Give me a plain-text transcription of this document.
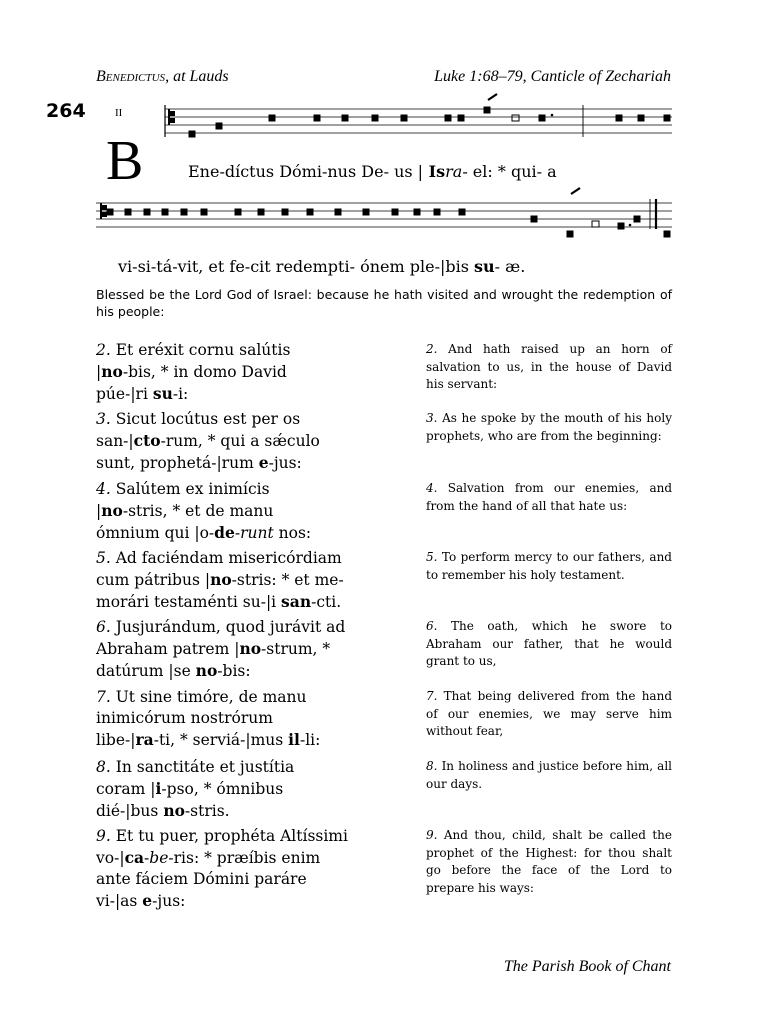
264
Benedictus, at Lauds	Luke 1:68–79, Canticle of Zechariah
II
B	Ene-díctus Dómi-nus De- us | Isra- el: * qui- a
vi-si-tá-vit, et fe-cit redempti- ónem ple-|bis su- æ.
Blessed be the Lord God of Israel: because he hath visited and wrought the redemption of his people:
2. Et eréxit cornu salútis
|no-bis, * in domo David
púe-|ri su-i:
2. And hath raised up an horn of salvation to us, in the house of David his servant:
3. Sicut locútus est per os
san-|cto-rum, * qui a sǽculo
sunt, prophetá-|rum e-jus:
3. As he spoke by the mouth of his holy prophets, who are from the beginning:
4. Salútem ex inimícis
|no-stris, * et de manu
ómnium qui |o-de-runt nos:
4. Salvation from our enemies, and from the hand of all that hate us:
5. Ad faciéndam misericórdiam
cum pátribus |no-stris: * et me-
morári testaménti su-|i san-cti.
5. To perform mercy to our fathers, and to remember his holy testament.
6. Jusjurándum, quod jurávit ad
Abraham patrem |no-strum, *
datúrum |se no-bis:
6. The oath, which he swore to Abraham our father, that he would grant to us,
7. Ut sine timóre, de manu
inimicórum nostrórum
libe-|ra-ti, * serviá-|mus il-li:
7. That being delivered from the hand of our enemies, we may serve him without fear,
8. In sanctitáte et justítia
coram |i-pso, * ómnibus
dié-|bus no-stris.
8. In holiness and justice before him, all our days.
9. Et tu puer, prophéta Altíssimi
vo-|ca-be-ris: * præíbis enim
ante fáciem Dómini paráre
vi-|as e-jus:
9. And thou, child, shalt be called the prophet of the Highest: for thou shalt go before the face of the Lord to prepare his ways:
The Parish Book of Chant
